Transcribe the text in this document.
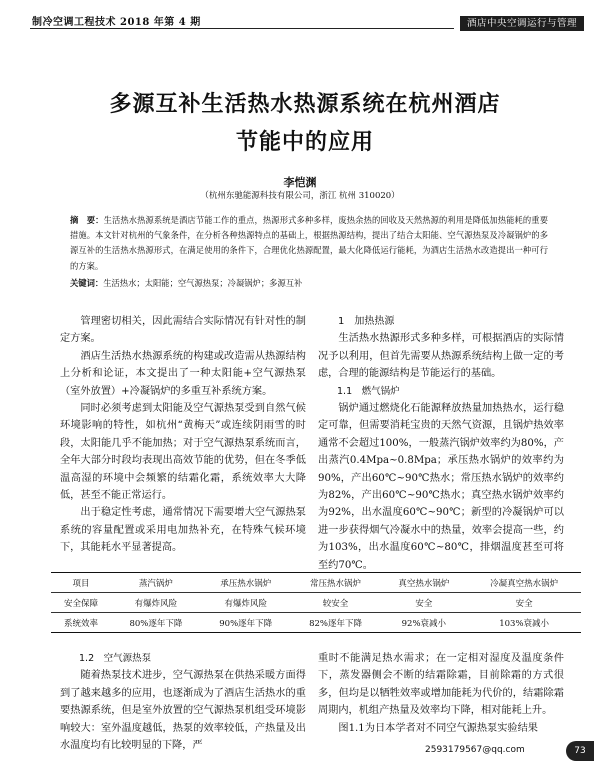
制冷空调工程技术 2018 年第 4 期	酒店中央空调运行与管理
多源互补生活热水热源系统在杭州酒店
节能中的应用
李恺渊
（杭州东驰能源科技有限公司，浙江 杭州 310020）
摘　要：生活热水热源系统是酒店节能工作的重点，热源形式多种多样，废热余热的回收及天然热源的利用是降低加热能耗的重要措施。本文针对杭州的气象条件，在分析各种热源特点的基础上，根据热源结构，提出了结合太阳能、空气源热泵及冷凝锅炉的多源互补的生活热水热源形式，在满足使用的条件下，合理优化热源配置，最大化降低运行能耗，为酒店生活热水改造提出一种可行的方案。
关键词：生活热水；太阳能；空气源热泵；冷凝锅炉；多源互补

管理密切相关，因此需结合实际情况有针对性的制定方案。

酒店生活热水热源系统的构建或改造需从热源结构上分析和论证，本文提出了一种太阳能+空气源热泵（室外放置）+冷凝锅炉的多重互补系统方案。

同时必须考虑到太阳能及空气源热泵受到自然气候环境影响的特性，如杭州“黄梅天”或连续阴雨雪的时段，太阳能几乎不能加热；对于空气源热泵系统而言，全年大部分时段均表现出高效节能的优势，但在冬季低温高湿的环境中会频繁的结霜化霜，系统效率大大降低，甚至不能正常运行。

出于稳定性考虑，通常情况下需要增大空气源热泵系统的容量配置或采用电加热补充，在特殊气候环境下，其能耗水平显著提高。

1　加热热源

生活热水热源形式多种多样，可根据酒店的实际情况予以利用，但首先需要从热源系统结构上做一定的考虑，合理的能源结构是节能运行的基础。

1.1　燃气锅炉

锅炉通过燃烧化石能源释放热量加热热水，运行稳定可靠，但需要消耗宝贵的天然气资源，且锅炉热效率通常不会超过100%，一般蒸汽锅炉效率约为80%，产出蒸汽0.4Mpa~0.8Mpa；承压热水锅炉的效率约为90%，产出60℃~90℃热水；常压热水锅炉的效率约为82%，产出60℃~90℃热水；真空热水锅炉效率约为92%，出水温度60℃~90℃；新型的冷凝锅炉可以进一步获得烟气冷凝水中的热量，效率会提高一些，约为103%，出水温度60℃~80℃，排烟温度甚至可将至约70℃。

项目	蒸汽锅炉	承压热水锅炉	常压热水锅炉	真空热水锅炉	冷凝真空热水锅炉
安全保障	有爆炸风险	有爆炸风险	较安全	安全	安全
系统效率	80%逐年下降	90%逐年下降	82%逐年下降	92%衰减小	103%衰减小

1.2　空气源热泵

随着热泵技术进步，空气源热泵在供热采暖方面得到了越来越多的应用，也逐渐成为了酒店生活热水的重要热源系统，但是室外放置的空气源热泵机组受环境影响较大：室外温度越低，热泵的效率较低，产热量及出水温度均有比较明显的下降，严

重时不能满足热水需求；在一定相对湿度及温度条件下，蒸发器侧会不断的结霜除霜，目前除霜的方式很多，但均是以牺牲效率或增加能耗为代价的，结霜除霜周期内，机组产热量及效率均下降，相对能耗上升。

图1.1为日本学者对不同空气源热泵实验结果

2593179567@qq.com	73
